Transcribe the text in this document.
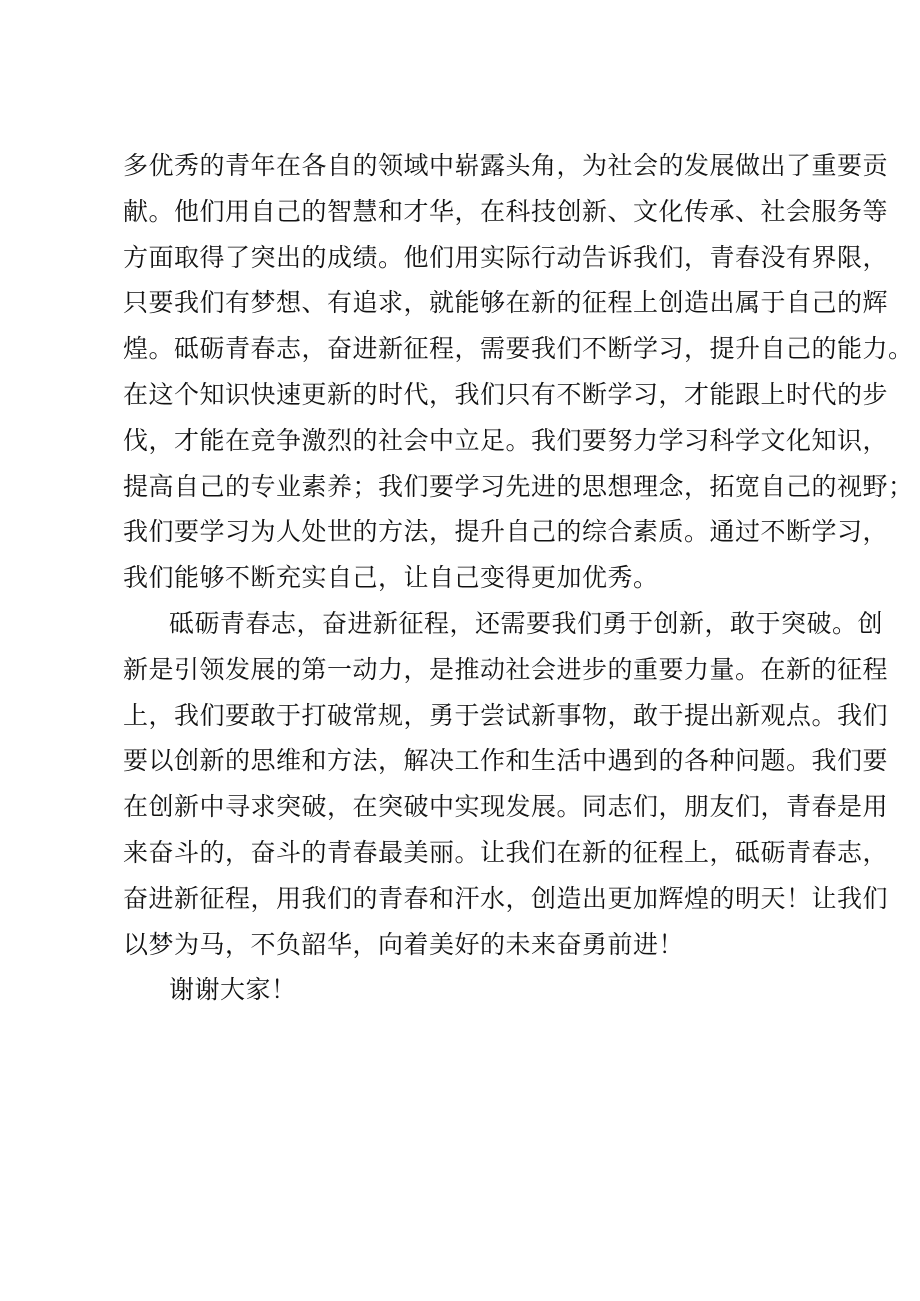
多优秀的青年在各自的领域中崭露头角，为社会的发展做出了重要贡
献。他们用自己的智慧和才华，在科技创新、文化传承、社会服务等
方面取得了突出的成绩。他们用实际行动告诉我们，青春没有界限，
只要我们有梦想、有追求，就能够在新的征程上创造出属于自己的辉
煌。砥砺青春志，奋进新征程，需要我们不断学习，提升自己的能力。
在这个知识快速更新的时代，我们只有不断学习，才能跟上时代的步
伐，才能在竞争激烈的社会中立足。我们要努力学习科学文化知识，
提高自己的专业素养；我们要学习先进的思想理念，拓宽自己的视野；
我们要学习为人处世的方法，提升自己的综合素质。通过不断学习，
我们能够不断充实自己，让自己变得更加优秀。
砥砺青春志，奋进新征程，还需要我们勇于创新，敢于突破。创
新是引领发展的第一动力，是推动社会进步的重要力量。在新的征程
上，我们要敢于打破常规，勇于尝试新事物，敢于提出新观点。我们
要以创新的思维和方法，解决工作和生活中遇到的各种问题。我们要
在创新中寻求突破，在突破中实现发展。同志们，朋友们，青春是用
来奋斗的，奋斗的青春最美丽。让我们在新的征程上，砥砺青春志，
奋进新征程，用我们的青春和汗水，创造出更加辉煌的明天！让我们
以梦为马，不负韶华，向着美好的未来奋勇前进！
谢谢大家！
